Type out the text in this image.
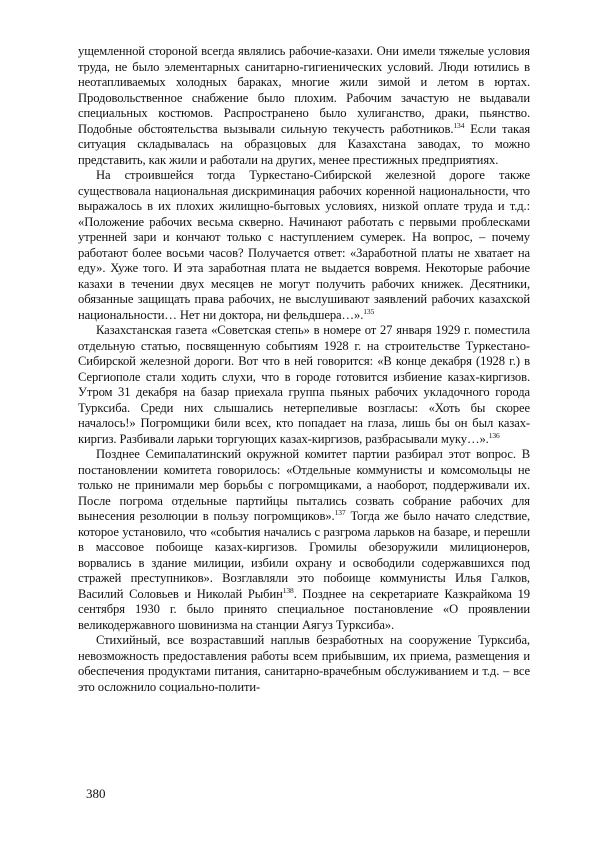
ущемленной стороной всегда являлись рабочие-казахи. Они имели тяжелые условия труда, не было элементарных санитарно-гигиенических условий. Люди ютились в неотапливаемых холодных бараках, многие жили зимой и летом в юртах. Продовольственное снабжение было плохим. Рабочим зачастую не выдавали специальных костюмов. Распространено было хулиганство, драки, пьянство. Подобные обстоятельства вызывали сильную текучесть работников.$^{134}$ Если такая ситуация складывалась на образцовых для Казахстана заводах, то можно представить, как жили и работали на других, менее престижных предприятиях.

На строившейся тогда Туркестано-Сибирской железной дороге также существовала национальная дискриминация рабочих коренной национальности, что выражалось в их плохих жилищно-бытовых условиях, низкой оплате труда и т.д.: «Положение рабочих весьма скверно. Начинают работать с первыми проблесками утренней зари и кончают только с наступлением сумерек. На вопрос, – почему работают более восьми часов? Получается ответ: «Заработной платы не хватает на еду». Хуже того. И эта заработная плата не выдается вовремя. Некоторые рабочие казахи в течении двух месяцев не могут получить рабочих книжек. Десятники, обязанные защищать права рабочих, не выслушивают заявлений рабочих казахской национальности… Нет ни доктора, ни фельдшера…».$^{135}$

Казахстанская газета «Советская степь» в номере от 27 января 1929 г. поместила отдельную статью, посвященную событиям 1928 г. на строительстве Туркестано-Сибирской железной дороги. Вот что в ней говорится: «В конце декабря (1928 г.) в Сергиополе стали ходить слухи, что в городе готовится избиение казах-киргизов. Утром 31 декабря на базар приехала группа пьяных рабочих укладочного города Турксиба. Среди них слышались нетерпеливые возгласы: «Хоть бы скорее началось!» Погромщики били всех, кто попадает на глаза, лишь бы он был казах-киргиз. Разбивали ларьки торгующих казах-киргизов, разбрасывали муку…».$^{136}$

Позднее Семипалатинский окружной комитет партии разбирал этот вопрос. В постановлении комитета говорилось: «Отдельные коммунисты и комсомольцы не только не принимали мер борьбы с погромщиками, а наоборот, поддерживали их. После погрома отдельные партийцы пытались созвать собрание рабочих для вынесения резолюции в пользу погромщиков».$^{137}$ Тогда же было начато следствие, которое установило, что «события начались с разгрома ларьков на базаре, и перешли в массовое побоище казах-киргизов. Громилы обезоружили милиционеров, ворвались в здание милиции, избили охрану и освободили содержавшихся под стражей преступников». Возглавляли это побоище коммунисты Илья Галков, Василий Соловьев и Николай Рыбин$^{138}$. Позднее на секретариате Казкрайкома 19 сентября 1930 г. было принято специальное постановление «О проявлении великодержавного шовинизма на станции Аягуз Турксиба».

Стихийный, все возраставший наплыв безработных на сооружение Турксиба, невозможность предоставления работы всем прибывшим, их приема, размещения и обеспечения продуктами питания, санитарно-врачебным обслуживанием и т.д. – все это осложнило социально-полити-

380
